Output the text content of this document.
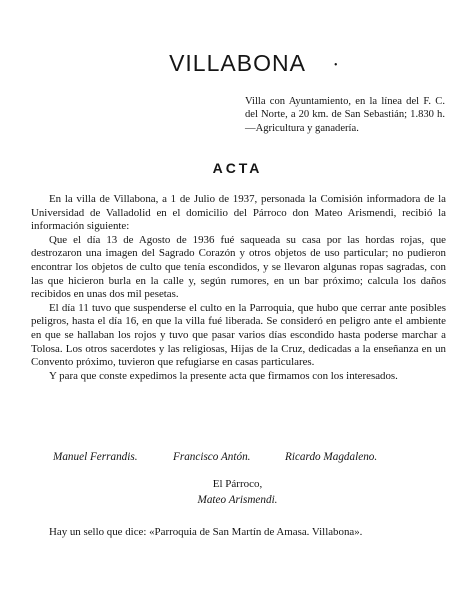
VILLABONA	•
Villa con Ayuntamiento, en la línea del F. C. del Norte, a 20 km. de San Sebastián; 1.830 h.—Agricultura y ganadería.
ACTA

En la villa de Villabona, a 1 de Julio de 1937, personada la Comisión informadora de la Universidad de Valladolid en el domicilio del Párroco don Mateo Arismendi, recibió la información siguiente:

Que el día 13 de Agosto de 1936 fué saqueada su casa por las hordas rojas, que destrozaron una imagen del Sagrado Corazón y otros objetos de uso particular; no pudieron encontrar los objetos de culto que tenía escondidos, y se llevaron algunas ropas sagradas, con las que hicieron burla en la calle y, según rumores, en un bar próximo; calcula los daños recibidos en unas dos mil pesetas.

El día 11 tuvo que suspenderse el culto en la Parroquia, que hubo que cerrar ante posibles peligros, hasta el día 16, en que la villa fué liberada. Se consideró en peligro ante el ambiente en que se hallaban los rojos y tuvo que pasar varios días escondido hasta poderse marchar a Tolosa. Los otros sacerdotes y las religiosas, Hijas de la Cruz, dedicadas a la enseñanza en un Convento próximo, tuvieron que refugiarse en casas particulares.

Y para que conste expedimos la presente acta que firmamos con los interesados.

Manuel Ferrandis.	Francisco Antón.	Ricardo Magdaleno.
El Párroco,
Mateo Arismendi.
Hay un sello que dice: «Parroquia de San Martín de Amasa. Villabona».
